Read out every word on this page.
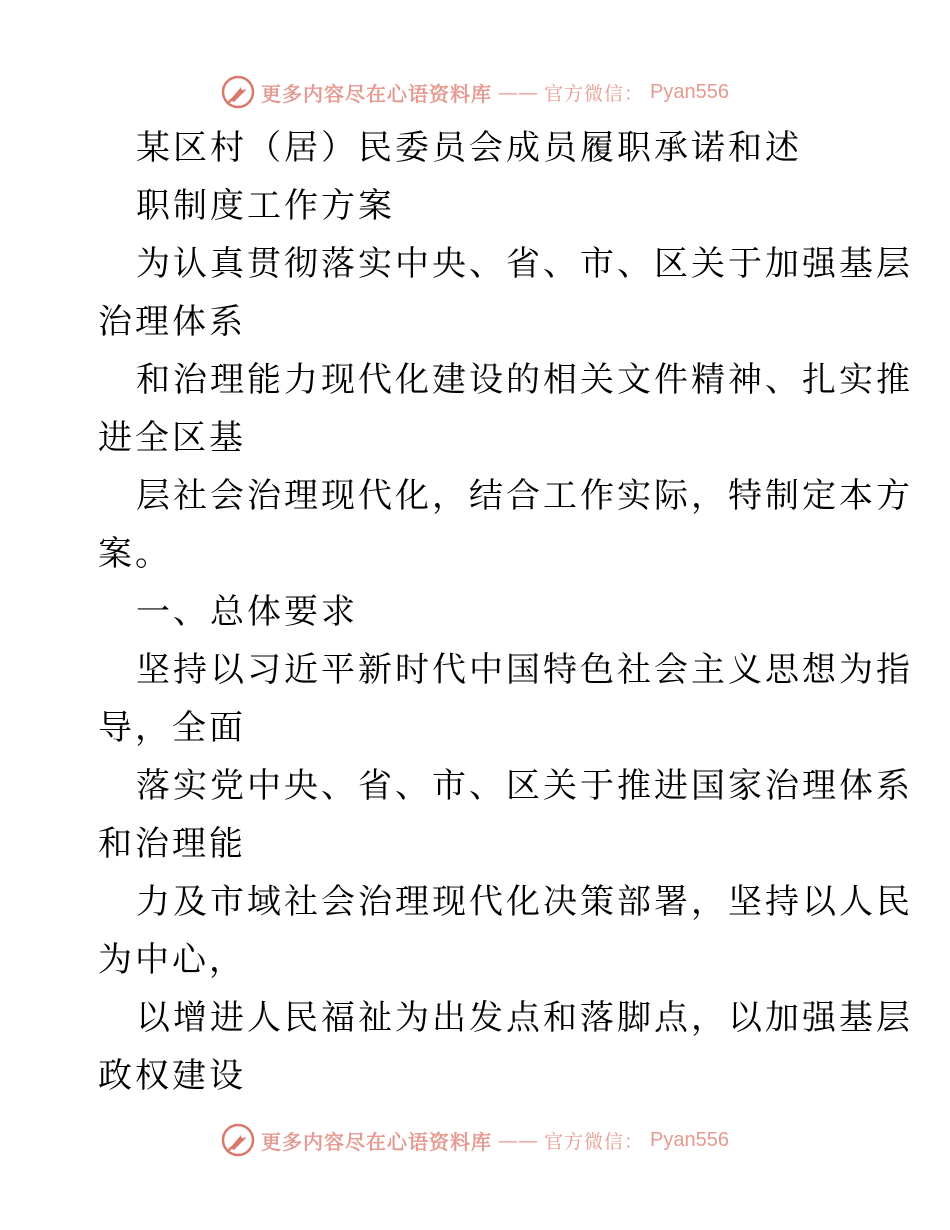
更多内容尽在心语资料库 —— 官方微信： Pyan556
某区村（居）民委员会成员履职承诺和述
职制度工作方案
为认真贯彻落实中央、省、市、区关于加强基层
治理体系
和治理能力现代化建设的相关文件精神、扎实推
进全区基
层社会治理现代化，结合工作实际，特制定本方
案。
一、总体要求
坚持以习近平新时代中国特色社会主义思想为指
导，全面
落实党中央、省、市、区关于推进国家治理体系
和治理能
力及市域社会治理现代化决策部署，坚持以人民
为中心，
以增进人民福祉为出发点和落脚点，以加强基层
政权建设
更多内容尽在心语资料库 —— 官方微信： Pyan556
